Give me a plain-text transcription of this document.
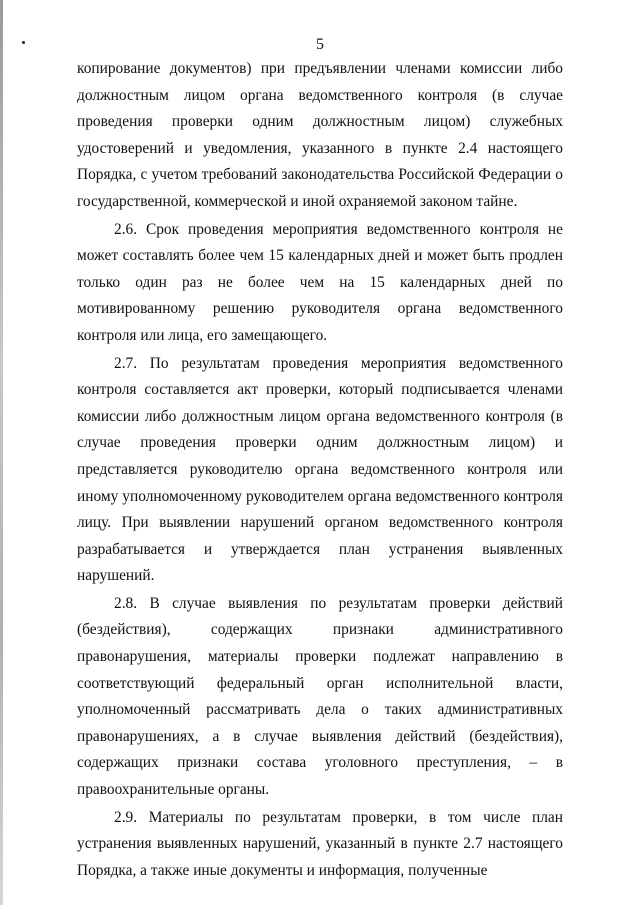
5

копирование документов) при предъявлении членами комиссии либо должностным лицом органа ведомственного контроля (в случае проведения проверки одним должностным лицом) служебных удостоверений и уведомления, указанного в пункте 2.4 настоящего Порядка, с учетом требований законодательства Российской Федерации о государственной, коммерческой и иной охраняемой законом тайне.

2.6. Срок проведения мероприятия ведомственного контроля не может составлять более чем 15 календарных дней и может быть продлен только один раз не более чем на 15 календарных дней по мотивированному решению руководителя органа ведомственного контроля или лица, его замещающего.

2.7. По результатам проведения мероприятия ведомственного контроля составляется акт проверки, который подписывается членами комиссии либо должностным лицом органа ведомственного контроля (в случае проведения проверки одним должностным лицом) и представляется руководителю органа ведомственного контроля или иному уполномоченному руководителем органа ведомственного контроля лицу. При выявлении нарушений органом ведомственного контроля разрабатывается и утверждается план устранения выявленных нарушений.

2.8. В случае выявления по результатам проверки действий (бездействия), содержащих признаки административного правонарушения, материалы проверки подлежат направлению в соответствующий федеральный орган исполнительной власти, уполномоченный рассматривать дела о таких административных правонарушениях, а в случае выявления действий (бездействия), содержащих признаки состава уголовного преступления, – в правоохранительные органы.

2.9. Материалы по результатам проверки, в том числе план устранения выявленных нарушений, указанный в пункте 2.7 настоящего Порядка, а также иные документы и информация, полученные
